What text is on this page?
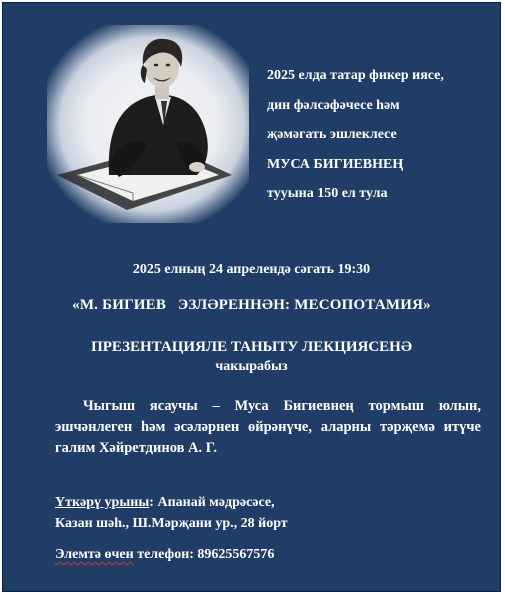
2025 елда татар фикер иясе,
дин фәлсәфәчесе һәм
җәмәгать эшлеклесе
МУСА БИГИЕВНЕҢ
тууына 150 ел тула
2025 елның 24 апрелендә сәгать 19:30
«М. БИГИЕВ   ЭЗЛӘРЕННӘН: МЕСОПОТАМИЯ»
ПРЕЗЕНТАЦИЯЛЕ ТАНЫТУ ЛЕКЦИЯСЕНӘ
чакырабыз
Чыгыш ясаучы – Муса Бигиевнең тормыш юлын, эшчәнлеген һәм әсәләрнен өйрәнүче, аларны тәрҗемә итүче галим Хәйретдинов А. Г.
Үткәрү урыны: Апанай мәдрәсәсе,
Казан шәһ., Ш.Мәрҗани ур., 28 йорт
Элемтә өчен телефон: 89625567576
